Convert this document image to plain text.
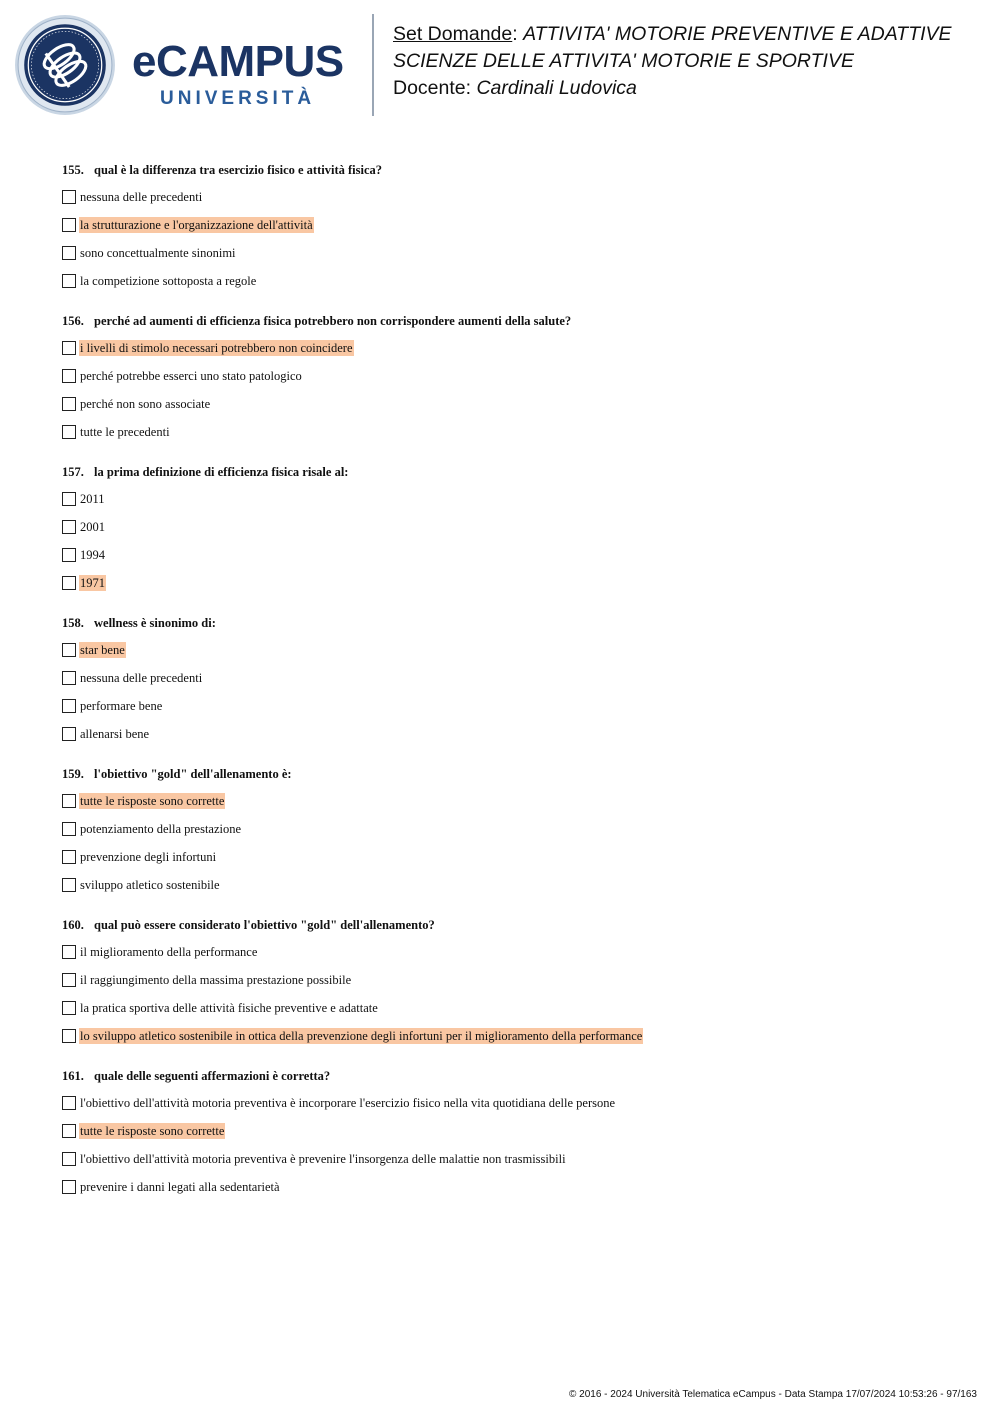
eCAMPUS
UNIVERSITÀ
Set Domande: ATTIVITA' MOTORIE PREVENTIVE E ADATTIVE
SCIENZE DELLE ATTIVITA' MOTORIE E SPORTIVE
Docente: Cardinali Ludovica
155. qual è la differenza tra esercizio fisico e attività fisica?
nessuna delle precedenti
la strutturazione e l'organizzazione dell'attività
sono concettualmente sinonimi
la competizione sottoposta a regole
156. perché ad aumenti di efficienza fisica potrebbero non corrispondere aumenti della salute?
i livelli di stimolo necessari potrebbero non coincidere
perché potrebbe esserci uno stato patologico
perché non sono associate
tutte le precedenti
157. la prima definizione di efficienza fisica risale al:
2011
2001
1994
1971
158. wellness è sinonimo di:
star bene
nessuna delle precedenti
performare bene
allenarsi bene
159. l'obiettivo "gold" dell'allenamento è:
tutte le risposte sono corrette
potenziamento della prestazione
prevenzione degli infortuni
sviluppo atletico sostenibile
160. qual può essere considerato l'obiettivo "gold" dell'allenamento?
il miglioramento della performance
il raggiungimento della massima prestazione possibile
la pratica sportiva delle attività fisiche preventive e adattate
lo sviluppo atletico sostenibile in ottica della prevenzione degli infortuni per il miglioramento della performance
161. quale delle seguenti affermazioni è corretta?
l'obiettivo dell'attività motoria preventiva è incorporare l'esercizio fisico nella vita quotidiana delle persone
tutte le risposte sono corrette
l'obiettivo dell'attività motoria preventiva è prevenire l'insorgenza delle malattie non trasmissibili
prevenire i danni legati alla sedentarietà
© 2016 - 2024 Università Telematica eCampus - Data Stampa 17/07/2024 10:53:26 - 97/163
